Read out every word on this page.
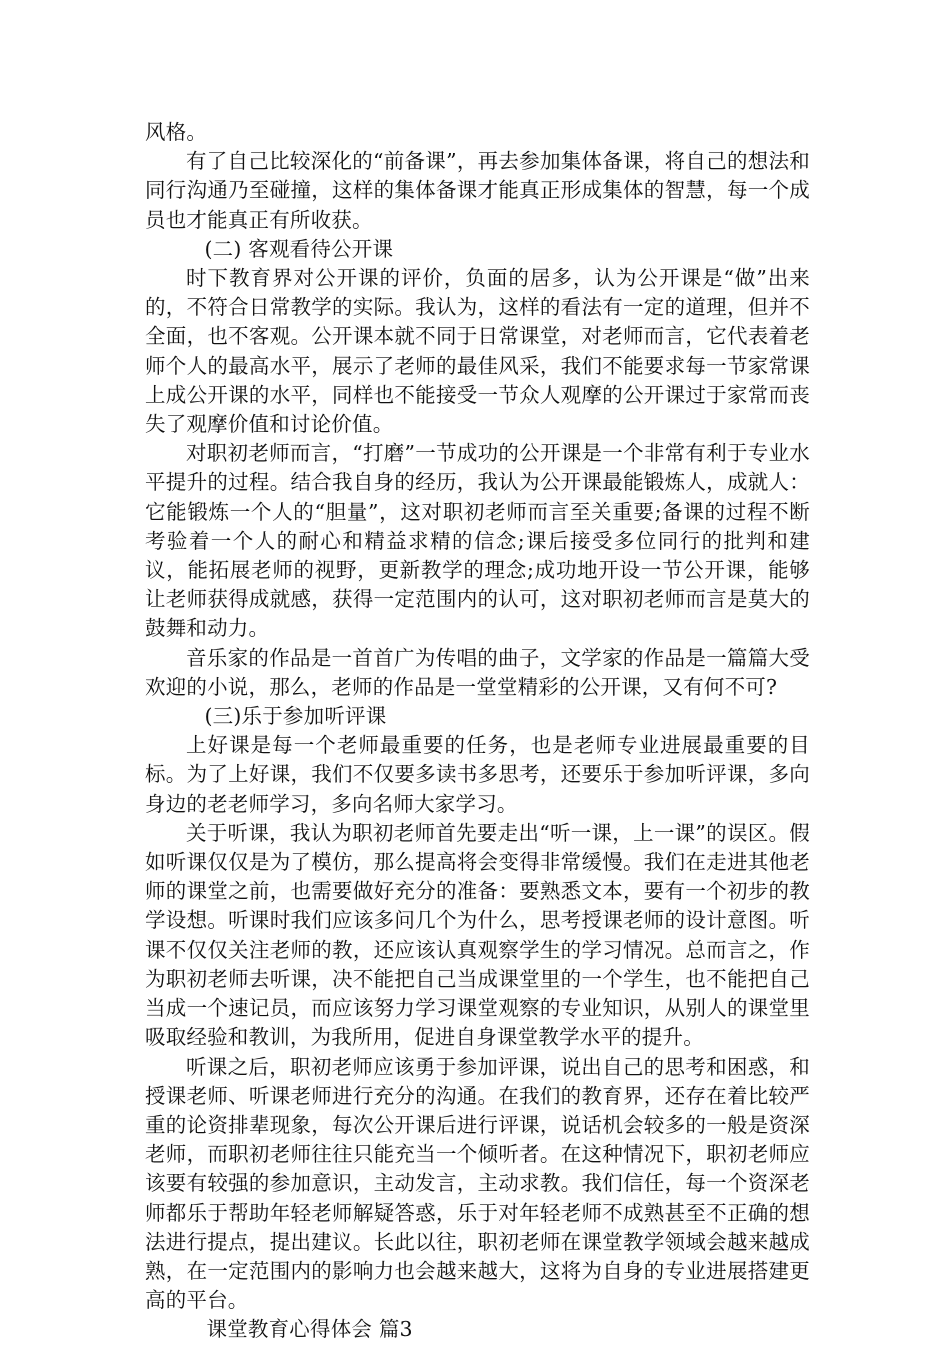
风格。

有了自己比较深化的“前备课”，再去参加集体备课，将自己的想法和同行沟通乃至碰撞，这样的集体备课才能真正形成集体的智慧，每一个成员也才能真正有所收获。

(二) 客观看待公开课

时下教育界对公开课的评价，负面的居多，认为公开课是“做”出来的，不符合日常教学的实际。我认为，这样的看法有一定的道理，但并不全面，也不客观。公开课本就不同于日常课堂，对老师而言，它代表着老师个人的最高水平，展示了老师的最佳风采，我们不能要求每一节家常课上成公开课的水平，同样也不能接受一节众人观摩的公开课过于家常而丧失了观摩价值和讨论价值。

对职初老师而言，“打磨”一节成功的公开课是一个非常有利于专业水平提升的过程。结合我自身的经历，我认为公开课最能锻炼人，成就人：它能锻炼一个人的“胆量”，这对职初老师而言至关重要;备课的过程不断考验着一个人的耐心和精益求精的信念;课后接受多位同行的批判和建议，能拓展老师的视野，更新教学的理念;成功地开设一节公开课，能够让老师获得成就感，获得一定范围内的认可，这对职初老师而言是莫大的鼓舞和动力。

音乐家的作品是一首首广为传唱的曲子，文学家的作品是一篇篇大受欢迎的小说，那么，老师的作品是一堂堂精彩的公开课，又有何不可?

(三)乐于参加听评课

上好课是每一个老师最重要的任务，也是老师专业进展最重要的目标。为了上好课，我们不仅要多读书多思考，还要乐于参加听评课，多向身边的老老师学习，多向名师大家学习。

关于听课，我认为职初老师首先要走出“听一课，上一课”的误区。假如听课仅仅是为了模仿，那么提高将会变得非常缓慢。我们在走进其他老师的课堂之前，也需要做好充分的准备：要熟悉文本，要有一个初步的教学设想。听课时我们应该多问几个为什么，思考授课老师的设计意图。听课不仅仅关注老师的教，还应该认真观察学生的学习情况。总而言之，作为职初老师去听课，决不能把自己当成课堂里的一个学生，也不能把自己当成一个速记员，而应该努力学习课堂观察的专业知识，从别人的课堂里吸取经验和教训，为我所用，促进自身课堂教学水平的提升。

听课之后，职初老师应该勇于参加评课，说出自己的思考和困惑，和授课老师、听课老师进行充分的沟通。在我们的教育界，还存在着比较严重的论资排辈现象，每次公开课后进行评课，说话机会较多的一般是资深老师，而职初老师往往只能充当一个倾听者。在这种情况下，职初老师应该要有较强的参加意识，主动发言，主动求教。我们信任，每一个资深老师都乐于帮助年轻老师解疑答惑，乐于对年轻老师不成熟甚至不正确的想法进行提点，提出建议。长此以往，职初老师在课堂教学领域会越来越成熟，在一定范围内的影响力也会越来越大，这将为自身的专业进展搭建更高的平台。

课堂教育心得体会 篇3
